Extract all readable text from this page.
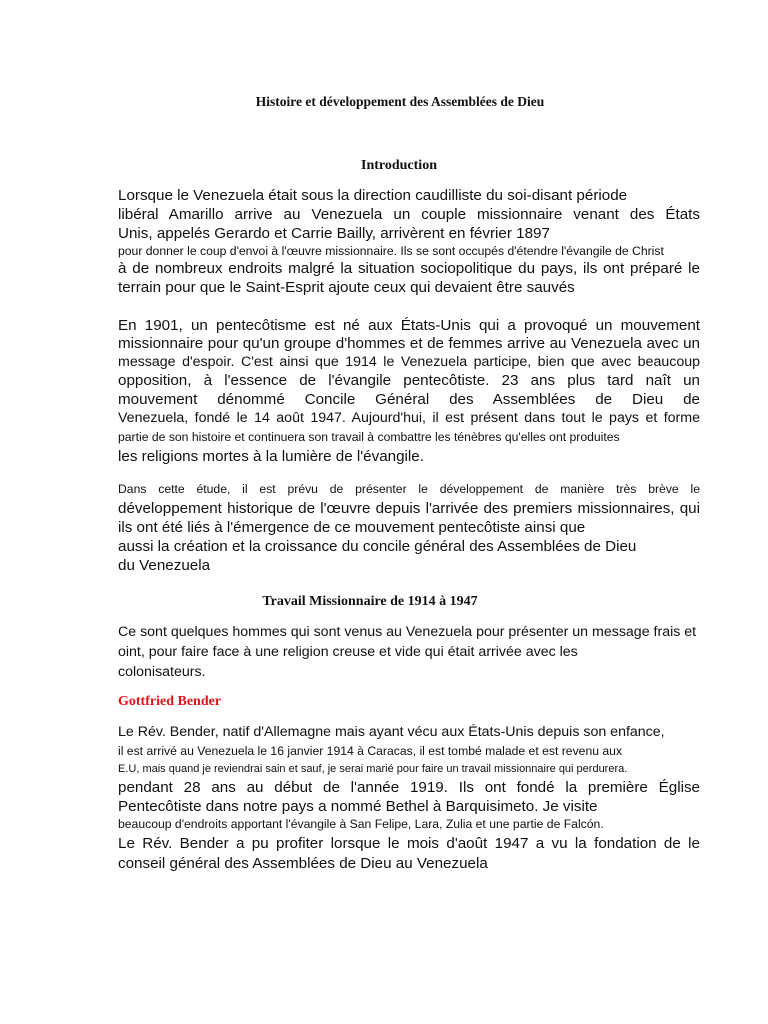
Histoire et développement des Assemblées de Dieu
Introduction
Lorsque le Venezuela était sous la direction caudilliste du soi-disant période
libéral Amarillo arrive au Venezuela un couple missionnaire venant des États
Unis, appelés Gerardo et Carrie Bailly, arrivèrent en février 1897
pour donner le coup d'envoi à l'œuvre missionnaire. Ils se sont occupés d'étendre l'évangile de Christ
à de nombreux endroits malgré la situation sociopolitique du pays, ils ont préparé le
terrain pour que le Saint-Esprit ajoute ceux qui devaient être sauvés
En 1901, un pentecôtisme est né aux États-Unis qui a provoqué un mouvement
missionnaire pour qu'un groupe d'hommes et de femmes arrive au Venezuela avec un
message d'espoir. C'est ainsi que 1914 le Venezuela participe, bien que avec beaucoup
opposition, à l'essence de l'évangile pentecôtiste. 23 ans plus tard naît un
mouvement dénommé Concile Général des Assemblées de Dieu de
Venezuela, fondé le 14 août 1947. Aujourd'hui, il est présent dans tout le pays et forme
partie de son histoire et continuera son travail à combattre les ténèbres qu'elles ont produites
les religions mortes à la lumière de l'évangile.
Dans cette étude, il est prévu de présenter le développement de manière très brève le
développement historique de l'œuvre depuis l'arrivée des premiers missionnaires, qui
ils ont été liés à l'émergence de ce mouvement pentecôtiste ainsi que
aussi la création et la croissance du concile général des Assemblées de Dieu
du Venezuela
Travail Missionnaire de 1914 à 1947
Ce sont quelques hommes qui sont venus au Venezuela pour présenter un message frais et
oint, pour faire face à une religion creuse et vide qui était arrivée avec les
colonisateurs.
Gottfried Bender
Le Rév. Bender, natif d'Allemagne mais ayant vécu aux États-Unis depuis son enfance,
il est arrivé au Venezuela le 16 janvier 1914 à Caracas, il est tombé malade et est revenu aux
E.U, mais quand je reviendrai sain et sauf, je serai marié pour faire un travail missionnaire qui perdurera.
pendant 28 ans au début de l'année 1919. Ils ont fondé la première Église
Pentecôtiste dans notre pays a nommé Bethel à Barquisimeto. Je visite
beaucoup d'endroits apportant l'évangile à San Felipe, Lara, Zulia et une partie de Falcón.
Le Rév. Bender a pu profiter lorsque le mois d'août 1947 a vu la fondation de le
conseil général des Assemblées de Dieu au Venezuela
